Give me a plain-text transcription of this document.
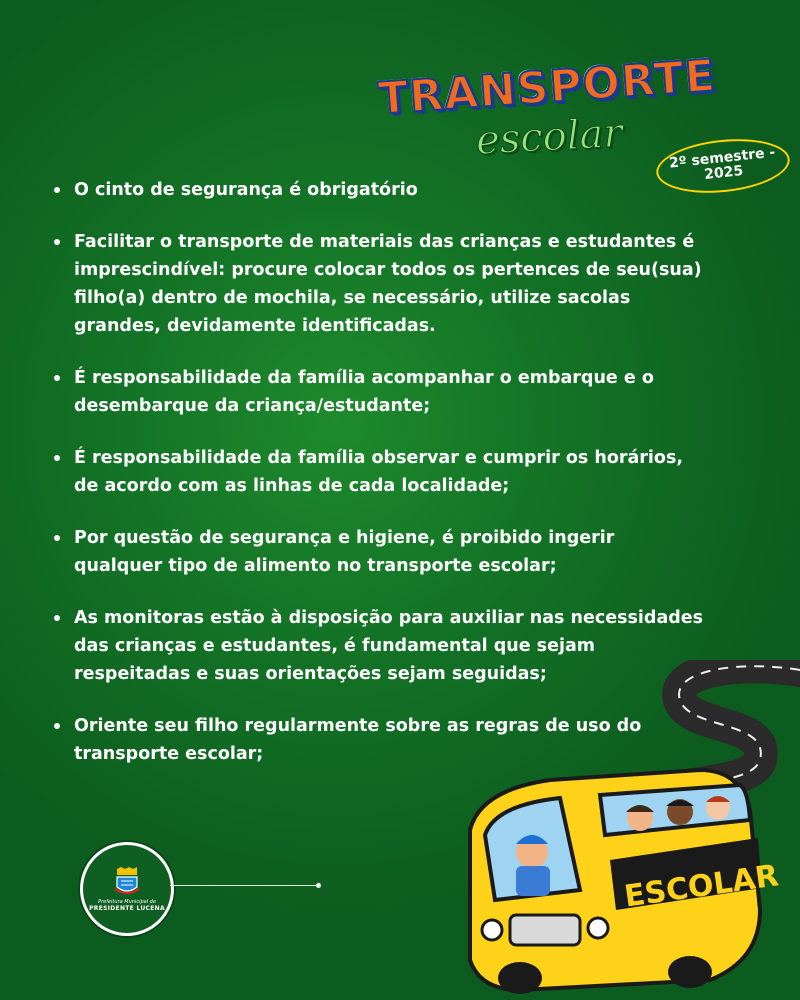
TRANSPORTE
escolar	2º semestre - 2025
O cinto de segurança é obrigatório
Facilitar o transporte de materiais das crianças e estudantes é imprescindível: procure colocar todos os pertences de seu(sua) filho(a) dentro de mochila, se necessário, utilize sacolas grandes, devidamente identificadas.
É responsabilidade da família acompanhar o embarque e o desembarque da criança/estudante;
É responsabilidade da família observar e cumprir os horários, de acordo com as linhas de cada localidade;
Por questão de segurança e higiene, é proibido ingerir qualquer tipo de alimento no transporte escolar;
As monitoras estão à disposição para auxiliar nas necessidades das crianças e estudantes, é fundamental que sejam respeitadas e suas orientações sejam seguidas;
Oriente seu filho regularmente sobre as regras de uso do transporte escolar;
Prefeitura Municipal de
PRESIDENTE LUCENA	ESCOLAR
